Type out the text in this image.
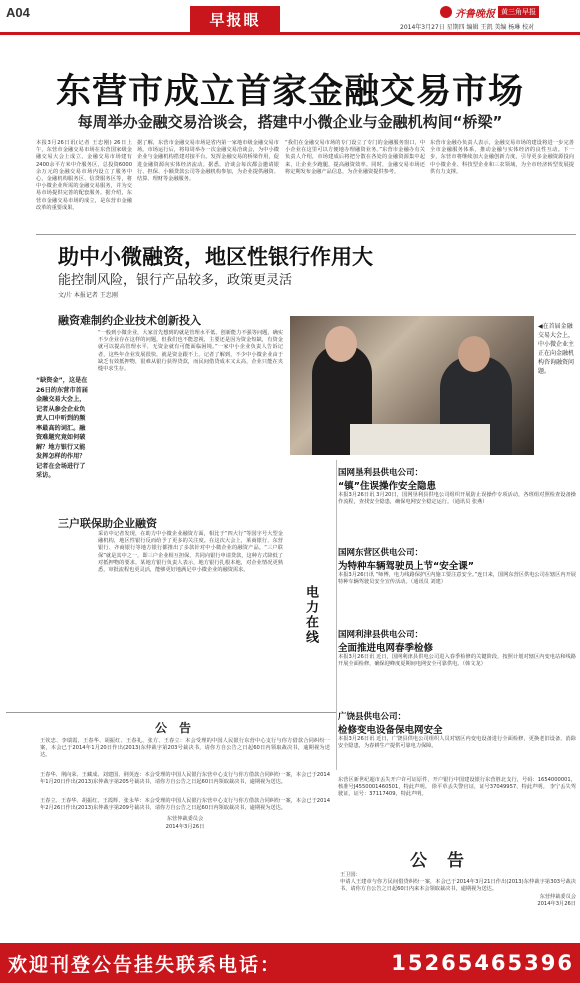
A04	早报眼	齐鲁晚报 黄三角早报
2014年3月27日 星期四 编辑 王凯 美编 杨琳 校对
东营市成立首家金融交易市场
每周举办金融交易洽谈会，搭建中小微企业与金融机构间“桥梁”
本报3月26日讯(记者 王忠刚) 26日上午，东营市金融交易市场在东营国家级金融交易大会上成立，金融交易市场建有2400余平方米中介服务区，总投资6000余万元的金融交易市场内设立了服务中心，金融机构服务区、信贷服务区等，将中小微企业所需的金融交易服务，并为交易市场提供完善的配套服务。据介绍，东营市金融交易市场的成立，是东营市金融改革的重要成果。
据了解，东营市金融交易市场是省内第一家地市级金融交易市场。市场运行后，将每周举办一次金融交易洽谈会，为中小微企业与金融机构搭建对接平台。发挥金融交易的桥梁作用，促进金融资源向实体经济流动。据悉，洽谈会每次都会邀请银行、担保、小额贷款公司等金融机构参加，为企业提供融资、结算、理财等金融服务。
“我们在金融交易市场的专门设立了专门的金融服务窗口，中小企业在这里可以方便地办理融资业务。”东营市金融办有关负责人介绍，市场建成后将把分散在各处的金融资源集中起来，让企业少跑腿，提高融资效率。同时，金融交易市场还将定期发布金融产品信息，为企业融资提供参考。
东营市金融办负责人表示，金融交易市场的建设将进一步完善全市金融服务体系，推动金融与实体经济的良性互动。下一步，东营市将继续加大金融创新力度，引导更多金融资源投向中小微企业、科技型企业和三农领域，为全市经济转型发展提供有力支撑。
助中小微融资，地区性银行作用大
能控制风险，银行产品较多，政策更灵活
文/片 本报记者 王忠刚
“缺资金”，这是在26日的东营市首届金融交易大会上，记者从参会企业负责人口中听到的频率最高的词汇。融资难题究竟如何破解？地方银行又能发挥怎样的作用？记者在会场进行了采访。
融资难制约企业技术创新投入
“一般到小微企业，大家首先想到的就是管理水平低、创新能力不强等问题，确实不少企业存在这样的问题，但我们也不能忽视，主要还是因为资金短缺，有资金就可以提高管理水平，无资金就有可能面临困境。”一家中小企业负责人告诉记者，这些年企业发展很快，就是资金跟不上。记者了解到，不少中小微企业由于缺乏有效抵押物，很难从银行获得贷款，而民间借贷成本又太高，企业只能在夹缝中求生存。
三户联保助企业融资
采访中记者发现，在助力中小微企业融资方面，相比于“四大行”等国字号大型金融机构，地区性银行反而给予了更多的关注度。在这次大会上，莱商银行、东营银行、齐商银行等地方银行都推出了多款针对中小微企业的融资产品。“三户联保”就是其中之一，即三户企业相互担保，共同向银行申请贷款，这种方式降低了对抵押物的要求。某地方银行负责人表示，地方银行扎根本地，对企业情况更熟悉，审批流程也更灵活，能够更好地满足中小微企业的融资需求。
◀在首届金融交易大会上，中小微企业主正在向金融机构咨询融资问题。
电力在线
国网垦利县供电公司：
“镇”住误操作安全隐患
本报3月26日讯 3月20日，国网垦利县供电公司组织开展防止误操作专项活动，各班组对照检查设备操作流程，查找安全隐患，确保电网安全稳定运行。（通讯员 张燕）
国网东营区供电公司：
为特种车辆驾驶员上节“安全课”
本报3月26日讯 “师傅，电力线路保护区内施工要注意安全。”连日来，国网东营区供电公司在辖区内开展特种车辆驾驶员安全宣传活动。（通讯员 刘建）
国网利津县供电公司：
全面推进电网春季检修
本报3月26日讯 近日，国网利津县供电公司进入春季检修的关键阶段，按照计划对辖区内变电站和线路开展全面检修，确保迎峰度夏期间电网安全可靠供电。（韩文龙）
广饶县供电公司：
检修变电设备保电网安全
本报3月26日讯 近日，广饶县供电公司组织人员对辖区内变电设备进行全面检修，更换老旧设备，消除安全隐患，为春耕生产提供可靠电力保障。
公告

王钦忠、李瑞霞、王春华、胡振红、王春礼、张方、王春立：本会受理的中国人民银行东营中心支行与你方借款合同纠纷一案，本会已于2014年1月20日作出(2013)东仲裁字第203号裁决书，请你方自公告之日起60日内领取裁决书，逾期视为送达。

王春华、荆向荣、王藏成、刘建国、荆英连：本会受理的中国人民银行东营中心支行与你方借款合同纠纷一案，本会已于2014年1月20日作出(2013)东仲裁字第205号裁决书，请你方自公告之日起60日内领取裁决书，逾期视为送达。

王春立、王春华、胡振红、王霞辉、张永华：本会受理的中国人民银行东营中心支行与你方借款合同纠纷一案，本会已于2014年2月26日作出(2013)东仲裁字第209号裁决书，请你方自公告之日起60日内领取裁决书，逾期视为送达。

东营仲裁委员会

2014年3月26日

东营区新世纪超市丢失开户许可证原件，开户银行中国建设银行东营胜北支行，号码：1654000001，核准号J4550001460501，特此声明。 徐平草丢失警官证，证号37049957，特此声明。 李宁丢失驾驶证，证号：37117409，特此声明。
公告

王卫国：

申请人王建章与你方民间借贷纠纷一案，本会已于2014年3月21日作出(2013)东仲裁字第303号裁决书，请你方自公告之日起60日内来本会领取裁决书，逾期视为送达。

东营仲裁委员会

2014年3月26日

欢迎刊登公告挂失联系电话：	15265465396
